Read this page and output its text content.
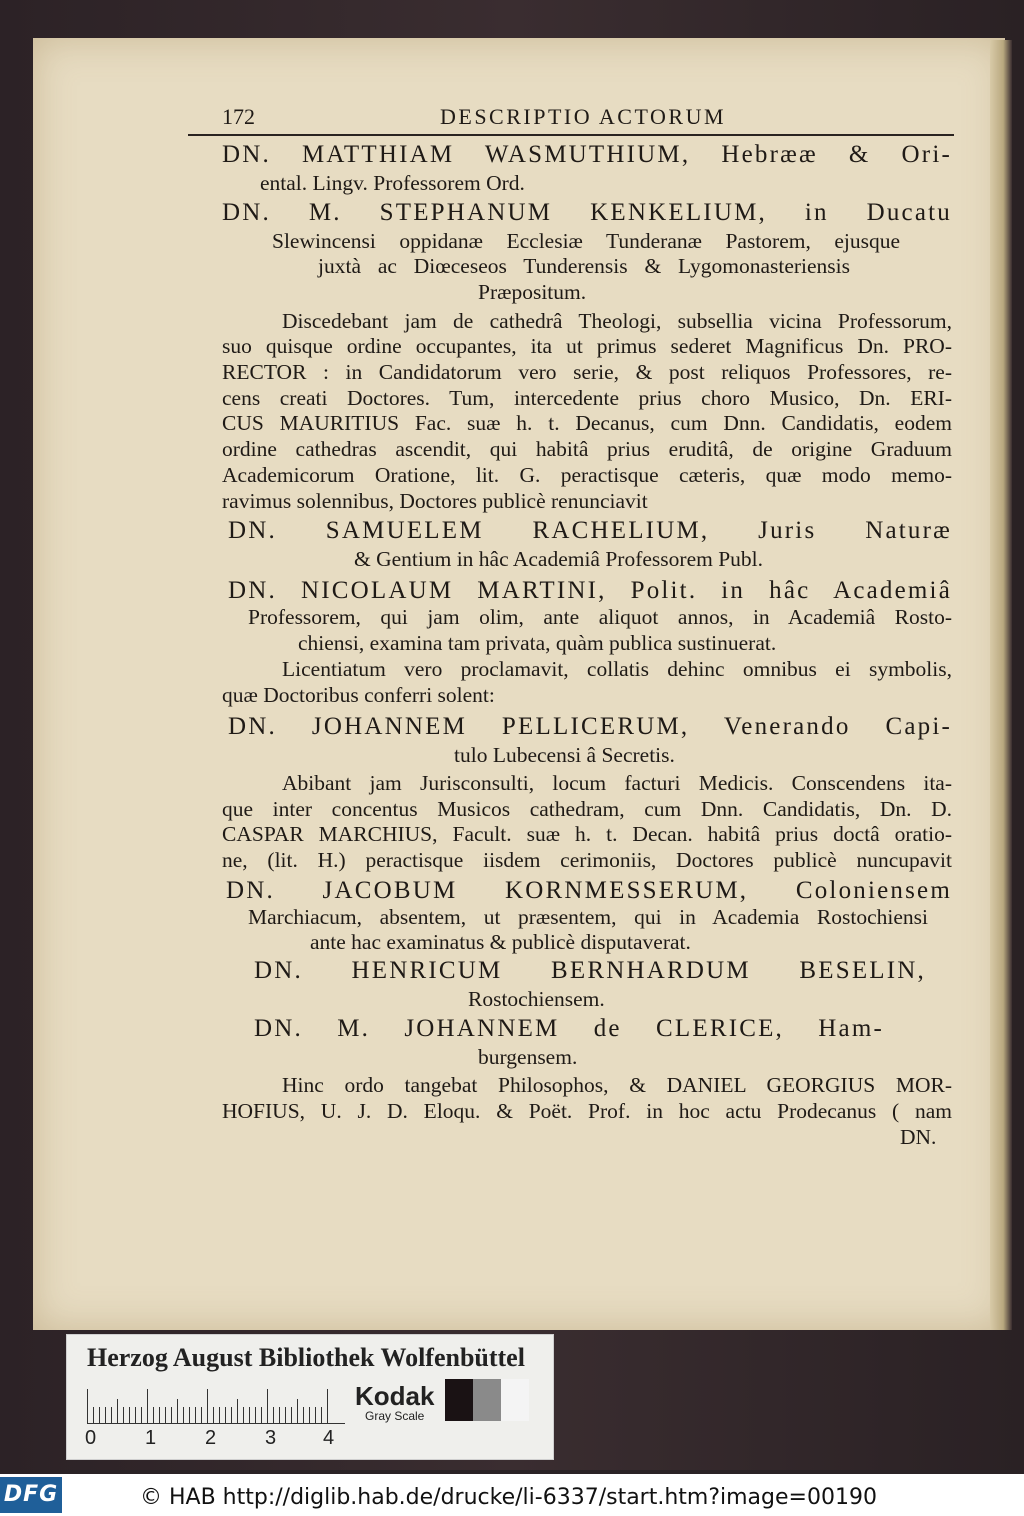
172	DESCRIPTIO ACTORUM
DN. MATTHIAM WASMUTHIUM, Hebrææ & Ori-
ental. Lingv. Professorem Ord.
DN. M. STEPHANUM KENKELIUM, in Ducatu
Slewincensi oppidanæ Ecclesiæ Tunderanæ Pastorem, ejusque
juxtà ac Diœceseos Tunderensis & Lygomonasteriensis
Præpositum.
Discedebant jam de cathedrâ Theologi, subsellia vicina Professorum,
suo quisque ordine occupantes, ita ut primus sederet Magnificus Dn. PRO-
RECTOR : in Candidatorum vero serie, & post reliquos Professores, re-
cens creati Doctores. Tum, intercedente prius choro Musico, Dn. ERI-
CUS MAURITIUS Fac. suæ h. t. Decanus, cum Dnn. Candidatis, eodem
ordine cathedras ascendit, qui habitâ prius eruditâ, de origine Graduum
Academicorum Oratione, lit. G. peractisque cæteris, quæ modo memo-
ravimus solennibus, Doctores publicè renunciavit
DN. SAMUELEM RACHELIUM, Juris Naturæ
& Gentium in hâc Academiâ Professorem Publ.
DN. NICOLAUM MARTINI, Polit. in hâc Academiâ
Professorem, qui jam olim, ante aliquot annos, in Academiâ Rosto-
chiensi, examina tam privata, quàm publica sustinuerat.
Licentiatum vero proclamavit, collatis dehinc omnibus ei symbolis,
quæ Doctoribus conferri solent:
DN. JOHANNEM PELLICERUM, Venerando Capi-
tulo Lubecensi â Secretis.
Abibant jam Jurisconsulti, locum facturi Medicis. Conscendens ita-
que inter concentus Musicos cathedram, cum Dnn. Candidatis, Dn. D.
CASPAR MARCHIUS, Facult. suæ h. t. Decan. habitâ prius doctâ oratio-
ne, (lit. H.) peractisque iisdem cerimoniis, Doctores publicè nuncupavit
DN. JACOBUM KORNMESSERUM, Coloniensem
Marchiacum, absentem, ut præsentem, qui in Academia Rostochiensi
ante hac examinatus & publicè disputaverat.
DN. HENRICUM BERNHARDUM BESELIN,
Rostochiensem.
DN. M. JOHANNEM de CLERICE, Ham-
burgensem.
Hinc ordo tangebat Philosophos, & DANIEL GEORGIUS MOR-
HOFIUS, U. J. D. Eloqu. & Poët. Prof. in hoc actu Prodecanus ( nam
DN.
Herzog August Bibliothek Wolfenbüttel
0 1 2 3 4
Kodak
Gray Scale
DFG	© HAB http://diglib.hab.de/drucke/li-6337/start.htm?image=00190
